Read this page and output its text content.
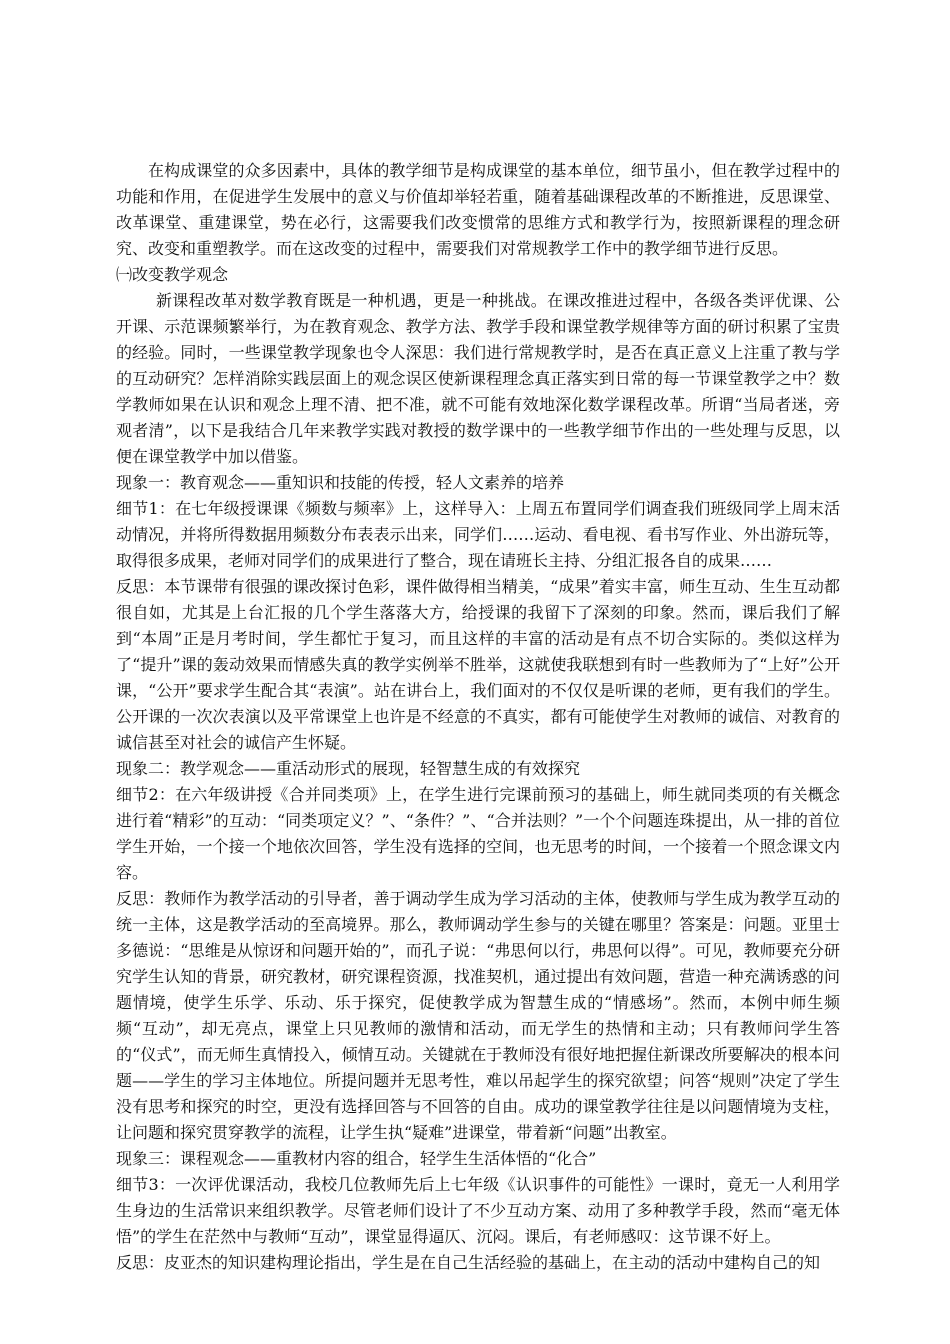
在构成课堂的众多因素中，具体的教学细节是构成课堂的基本单位，细节虽小，但在教学过程中的功能和作用，在促进学生发展中的意义与价值却举轻若重，随着基础课程改革的不断推进，反思课堂、改革课堂、重建课堂，势在必行，这需要我们改变惯常的思维方式和教学行为，按照新课程的理念研究、改变和重塑教学。而在这改变的过程中，需要我们对常规教学工作中的教学细节进行反思。

㈠改变教学观念

新课程改革对数学教育既是一种机遇，更是一种挑战。在课改推进过程中，各级各类评优课、公开课、示范课频繁举行，为在教育观念、教学方法、教学手段和课堂教学规律等方面的研讨积累了宝贵的经验。同时，一些课堂教学现象也令人深思：我们进行常规教学时，是否在真正意义上注重了教与学的互动研究？怎样消除实践层面上的观念误区使新课程理念真正落实到日常的每一节课堂教学之中？数学教师如果在认识和观念上理不清、把不准，就不可能有效地深化数学课程改革。所谓“当局者迷，旁观者清”，以下是我结合几年来教学实践对教授的数学课中的一些教学细节作出的一些处理与反思，以便在课堂教学中加以借鉴。

现象一：教育观念——重知识和技能的传授，轻人文素养的培养

细节1：在七年级授课课《频数与频率》上，这样导入：上周五布置同学们调查我们班级同学上周末活动情况，并将所得数据用频数分布表表示出来，同学们……运动、看电视、看书写作业、外出游玩等，取得很多成果，老师对同学们的成果进行了整合，现在请班长主持、分组汇报各自的成果……

反思：本节课带有很强的课改探讨色彩，课件做得相当精美，“成果”着实丰富，师生互动、生生互动都很自如，尤其是上台汇报的几个学生落落大方，给授课的我留下了深刻的印象。然而，课后我们了解到“本周”正是月考时间，学生都忙于复习，而且这样的丰富的活动是有点不切合实际的。类似这样为了“提升”课的轰动效果而情感失真的教学实例举不胜举，这就使我联想到有时一些教师为了“上好”公开课，“公开”要求学生配合其“表演”。站在讲台上，我们面对的不仅仅是听课的老师，更有我们的学生。公开课的一次次表演以及平常课堂上也许是不经意的不真实，都有可能使学生对教师的诚信、对教育的诚信甚至对社会的诚信产生怀疑。

现象二：教学观念——重活动形式的展现，轻智慧生成的有效探究

细节2：在六年级讲授《合并同类项》上，在学生进行完课前预习的基础上，师生就同类项的有关概念进行着“精彩”的互动：“同类项定义？”、“条件？”、“合并法则？”一个个问题连珠提出，从一排的首位学生开始，一个接一个地依次回答，学生没有选择的空间，也无思考的时间，一个接着一个照念课文内容。

反思：教师作为教学活动的引导者，善于调动学生成为学习活动的主体，使教师与学生成为教学互动的统一主体，这是教学活动的至高境界。那么，教师调动学生参与的关键在哪里？答案是：问题。亚里士多德说：“思维是从惊讶和问题开始的”，而孔子说：“弗思何以行，弗思何以得”。可见，教师要充分研究学生认知的背景，研究教材，研究课程资源，找准契机，通过提出有效问题，营造一种充满诱惑的问题情境，使学生乐学、乐动、乐于探究，促使教学成为智慧生成的“情感场”。然而，本例中师生频频“互动”，却无亮点，课堂上只见教师的激情和活动，而无学生的热情和主动；只有教师问学生答的“仪式”，而无师生真情投入，倾情互动。关键就在于教师没有很好地把握住新课改所要解决的根本问题——学生的学习主体地位。所提问题并无思考性，难以吊起学生的探究欲望；问答“规则”决定了学生没有思考和探究的时空，更没有选择回答与不回答的自由。成功的课堂教学往往是以问题情境为支柱，让问题和探究贯穿教学的流程，让学生执“疑难”进课堂，带着新“问题”出教室。

现象三：课程观念——重教材内容的组合，轻学生生活体悟的“化合”

细节3：一次评优课活动，我校几位教师先后上七年级《认识事件的可能性》一课时，竟无一人利用学生身边的生活常识来组织教学。尽管老师们设计了不少互动方案、动用了多种教学手段，然而“毫无体悟”的学生在茫然中与教师“互动”，课堂显得逼仄、沉闷。课后，有老师感叹：这节课不好上。

反思：皮亚杰的知识建构理论指出，学生是在自己生活经验的基础上，在主动的活动中建构自己的知
